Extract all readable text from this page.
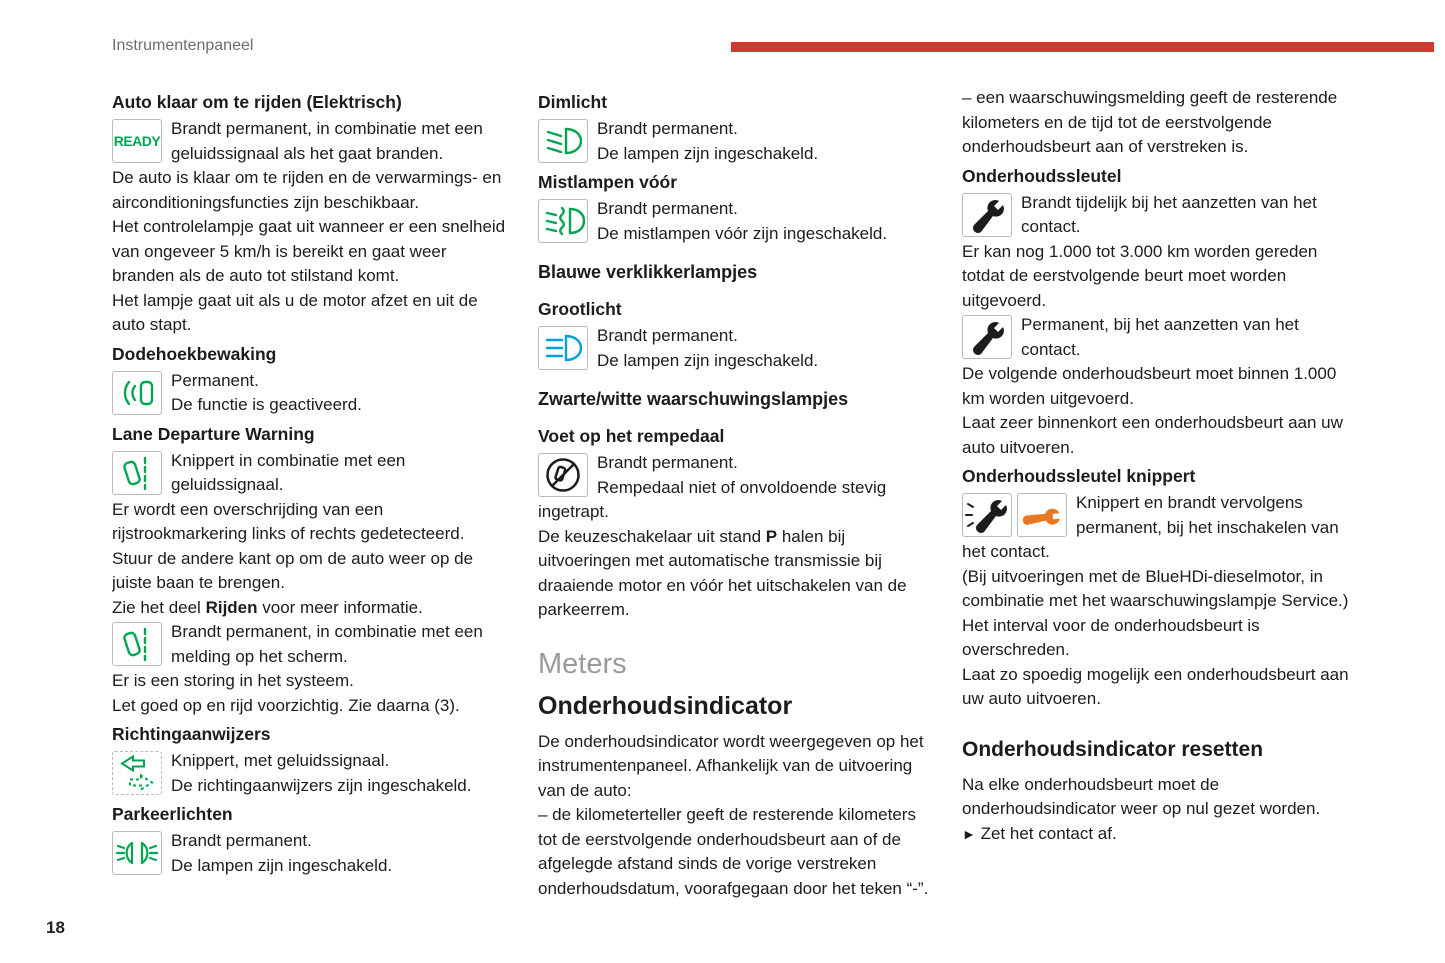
Instrumentenpaneel
Auto klaar om te rijden (Elektrisch)
READY

Brandt permanent, in combinatie met een geluidssignaal als het gaat branden.

De auto is klaar om te rijden en de verwarmings- en airconditioningsfuncties zijn beschikbaar.

Het controlelampje gaat uit wanneer er een snelheid van ongeveer 5 km/h is bereikt en gaat weer branden als de auto tot stilstand komt.

Het lampje gaat uit als u de motor afzet en uit de auto stapt.

Dodehoekbewaking

Permanent.

De functie is geactiveerd.

Lane Departure Warning

Knippert in combinatie met een geluidssignaal.

Er wordt een overschrijding van een rijstrookmarkering links of rechts gedetecteerd.

Stuur de andere kant op om de auto weer op de juiste baan te brengen.

Zie het deel Rijden voor meer informatie.

Brandt permanent, in combinatie met een melding op het scherm.

Er is een storing in het systeem.

Let goed op en rijd voorzichtig. Zie daarna (3).

Richtingaanwijzers

Knippert, met geluidssignaal.

De richtingaanwijzers zijn ingeschakeld.

Parkeerlichten

Brandt permanent.

De lampen zijn ingeschakeld.

Dimlicht

Brandt permanent.

De lampen zijn ingeschakeld.

Mistlampen vóór

Brandt permanent.

De mistlampen vóór zijn ingeschakeld.

Blauwe verklikkerlampjes
Grootlicht

Brandt permanent.

De lampen zijn ingeschakeld.

Zwarte/witte waarschuwingslampjes
Voet op het rempedaal

Brandt permanent.

Rempedaal niet of onvoldoende stevig ingetrapt.

De keuzeschakelaar uit stand P halen bij uitvoeringen met automatische transmissie bij draaiende motor en vóór het uitschakelen van de parkeerrem.

Meters
Onderhoudsindicator

De onderhoudsindicator wordt weergegeven op het instrumentenpaneel. Afhankelijk van de uitvoering van de auto:

– de kilometerteller geeft de resterende kilometers tot de eerstvolgende onderhoudsbeurt aan of de afgelegde afstand sinds de vorige verstreken onderhoudsdatum, voorafgegaan door het teken “-”.

– een waarschuwingsmelding geeft de resterende kilometers en de tijd tot de eerstvolgende onderhoudsbeurt aan of verstreken is.

Onderhoudssleutel

Brandt tijdelijk bij het aanzetten van het contact.

Er kan nog 1.000 tot 3.000 km worden gereden totdat de eerstvolgende beurt moet worden uitgevoerd.

Permanent, bij het aanzetten van het contact.

De volgende onderhoudsbeurt moet binnen 1.000 km worden uitgevoerd.

Laat zeer binnenkort een onderhoudsbeurt aan uw auto uitvoeren.

Onderhoudssleutel knippert

Knippert en brandt vervolgens permanent, bij het inschakelen van het contact.

(Bij uitvoeringen met de BlueHDi-dieselmotor, in combinatie met het waarschuwingslampje Service.)

Het interval voor de onderhoudsbeurt is overschreden.

Laat zo spoedig mogelijk een onderhoudsbeurt aan uw auto uitvoeren.

Onderhoudsindicator resetten

Na elke onderhoudsbeurt moet de onderhoudsindicator weer op nul gezet worden.

► Zet het contact af.

18
